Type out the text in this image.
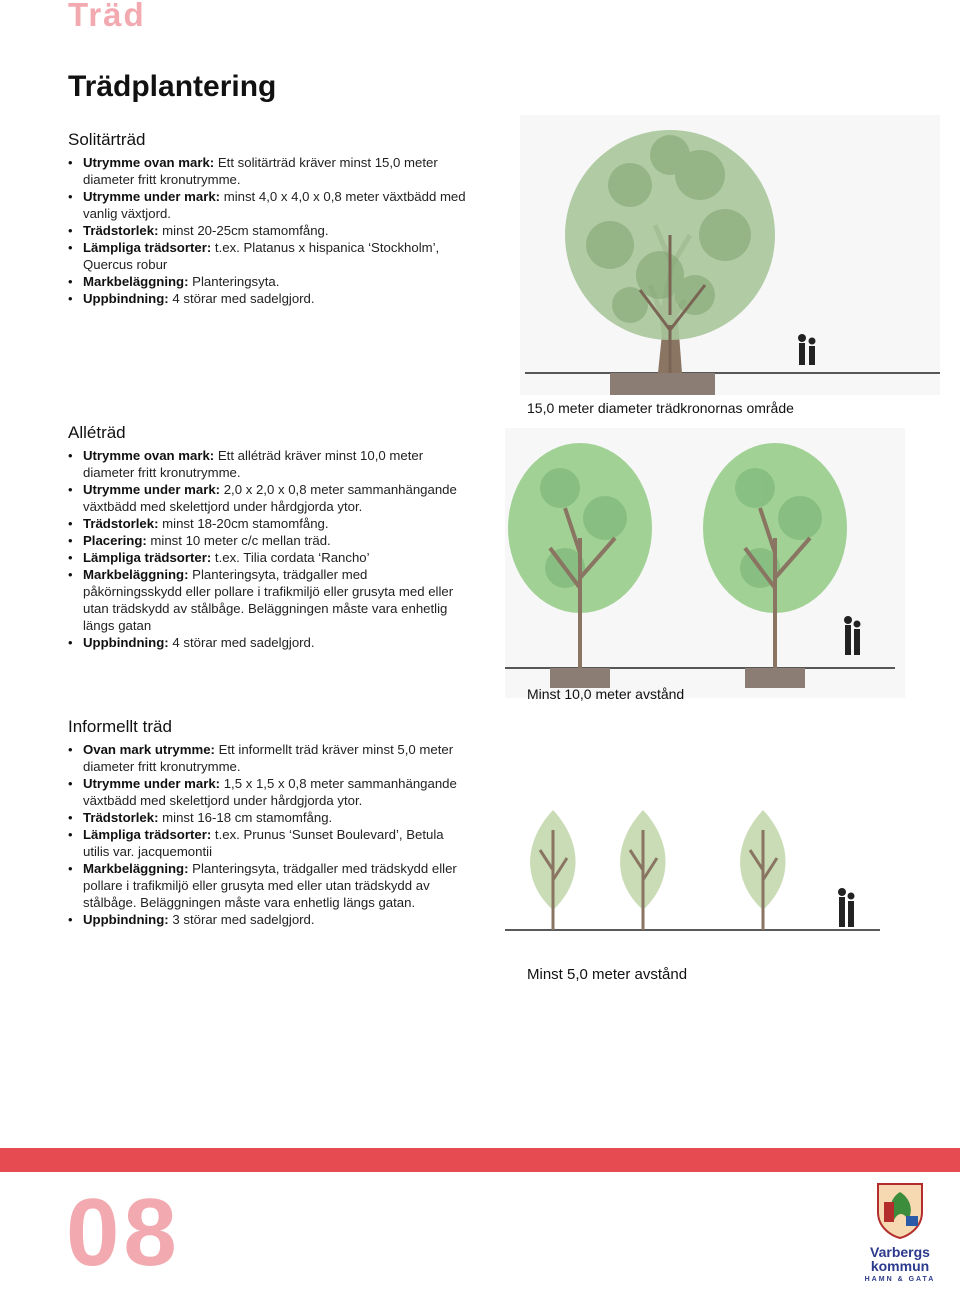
Träd
Trädplantering
Solitärträd
• Utrymme ovan mark: Ett solitärträd kräver minst 15,0 meter diameter fritt kronutrymme.
• Utrymme under mark: minst 4,0 x 4,0 x 0,8 meter växtbädd med vanlig växtjord.
• Trädstorlek: minst 20-25cm stamomfång.
• Lämpliga trädsorter: t.ex. Platanus x hispanica ‘Stockholm’, Quercus robur
• Markbeläggning: Planteringsyta.
• Uppbindning: 4 störar med sadelgjord.
Alléträd
• Utrymme ovan mark: Ett alléträd kräver minst 10,0 meter diameter fritt kronutrymme.
• Utrymme under mark: 2,0 x 2,0 x 0,8 meter sammanhängande växtbädd med skelettjord under hårdgjorda ytor.
• Trädstorlek: minst 18-20cm stamomfång.
• Placering: minst 10 meter c/c mellan träd.
• Lämpliga trädsorter: t.ex. Tilia cordata ‘Rancho’
• Markbeläggning: Planteringsyta, trädgaller med påkörningsskydd eller pollare i trafikmiljö eller grusyta med eller utan trädskydd av stålbåge. Beläggningen måste vara enhetlig längs gatan
• Uppbindning: 4 störar med sadelgjord.
Informellt träd
• Ovan mark utrymme: Ett informellt träd kräver minst 5,0 meter diameter fritt kronutrymme.
• Utrymme under mark: 1,5 x 1,5 x 0,8 meter sammanhängande växtbädd med skelettjord under hårdgjorda ytor.
• Trädstorlek: minst 16-18 cm stamomfång.
• Lämpliga trädsorter: t.ex. Prunus ‘Sunset Boulevard’, Betula utilis var. jacquemontii
• Markbeläggning: Planteringsyta, trädgaller med trädskydd eller pollare i trafikmiljö eller grusyta med eller utan trädskydd av stålbåge. Beläggningen måste vara enhetlig längs gatan.
• Uppbindning: 3 störar med sadelgjord.
15,0 meter diameter trädkronornas område
Minst 10,0 meter avstånd
Minst 5,0 meter avstånd
08	Varbergs
kommun
HAMN & GATA
